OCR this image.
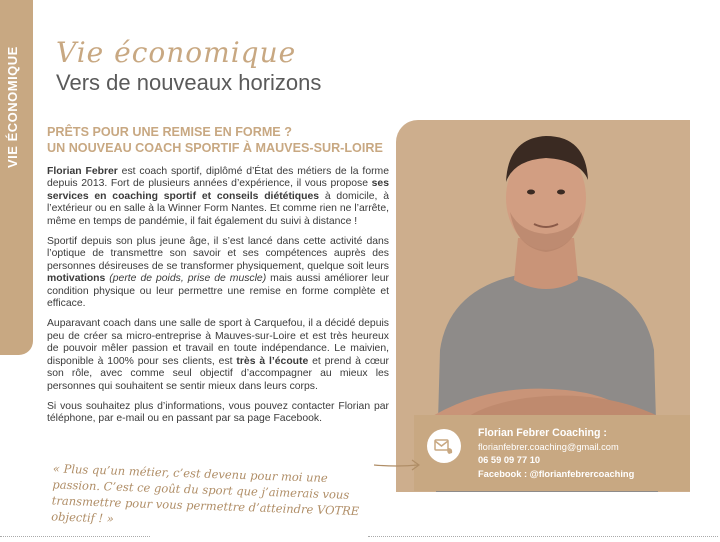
VIE ÉCONOMIQUE Vie économique
Vers de nouveaux horizons
PRÊTS POUR UNE REMISE EN FORME ?
UN NOUVEAU COACH SPORTIF À MAUVES-SUR-LOIRE

Florian Febrer est coach sportif, diplômé d’État des métiers de la forme depuis 2013. Fort de plusieurs années d’expérience, il vous propose ses services en coaching sportif et conseils diététiques à domicile, à l’extérieur ou en salle à la Winner Form Nantes. Et comme rien ne l’arrête, même en temps de pandémie, il fait également du suivi à distance !

Sportif depuis son plus jeune âge, il s’est lancé dans cette activité dans l’optique de transmettre son savoir et ses compétences auprès des personnes désireuses de se transformer physiquement, quelque soit leurs motivations (perte de poids, prise de muscle) mais aussi améliorer leur condition physique ou leur permettre une remise en forme complète et efficace.

Auparavant coach dans une salle de sport à Carquefou, il a décidé depuis peu de créer sa micro-entreprise à Mauves-sur-Loire et est très heureux de pouvoir mêler passion et travail en toute indépendance. Le maivien, disponible à 100% pour ses clients, est très à l’écoute et prend à cœur son rôle, avec comme seul objectif d’accompagner au mieux les personnes qui souhaitent se sentir mieux dans leurs corps.

Si vous souhaitez plus d’informations, vous pouvez contacter Florian par téléphone, par e-mail ou en passant par sa page Facebook.

Florian Febrer Coaching :
florianfebrer.coaching@gmail.com
06 59 09 77 10
Facebook : @florianfebrercoaching
« Plus qu’un métier, c’est devenu pour moi une passion. C’est ce goût du sport que j’aimerais vous transmettre pour vous permettre d’atteindre VOTRE objectif ! »
